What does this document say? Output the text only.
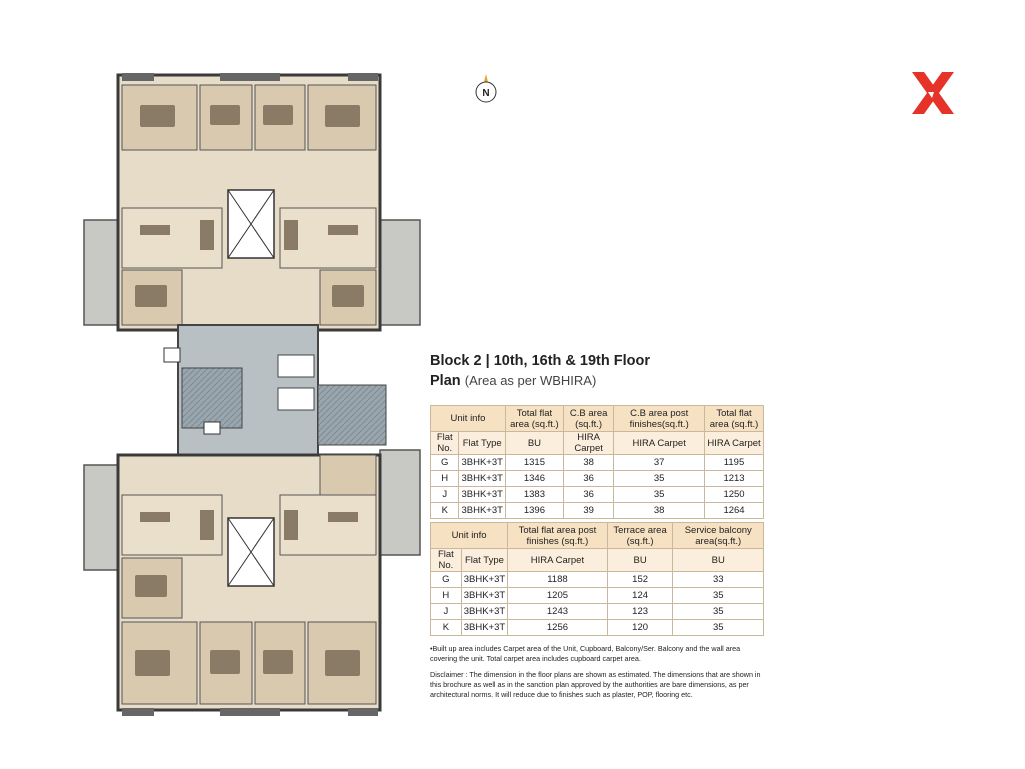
N
Block 2 | 10th, 16th & 19th Floor
Plan (Area as per WBHIRA)
Unit info		Total flat area (sq.ft.)	C.B area (sq.ft.)	C.B area post finishes(sq.ft.)	Total flat area (sq.ft.)
Flat No.	Flat Type	BU	HIRA Carpet	HIRA Carpet	HIRA Carpet
G	3BHK+3T	1315	38	37	1195
H	3BHK+3T	1346	36	35	1213
J	3BHK+3T	1383	36	35	1250
K	3BHK+3T	1396	39	38	1264
Unit info		Total flat area post finishes (sq.ft.)	Terrace area (sq.ft.)	Service balcony area(sq.ft.)
Flat No.	Flat Type	HIRA Carpet	BU	BU
G	3BHK+3T	1188	152	33
H	3BHK+3T	1205	124	35
J	3BHK+3T	1243	123	35
K	3BHK+3T	1256	120	35

•Built up area includes Carpet area of the Unit, Cupboard, Balcony/Ser. Balcony and the wall area covering the unit. Total carpet area includes cupboard carpet area.

Disclaimer : The dimension in the floor plans are shown as estimated. The dimensions that are shown in this brochure as well as in the sanction plan approved by the authorities are bare dimensions, as per architectural norms. It will reduce due to finishes such as plaster, POP, flooring etc.
